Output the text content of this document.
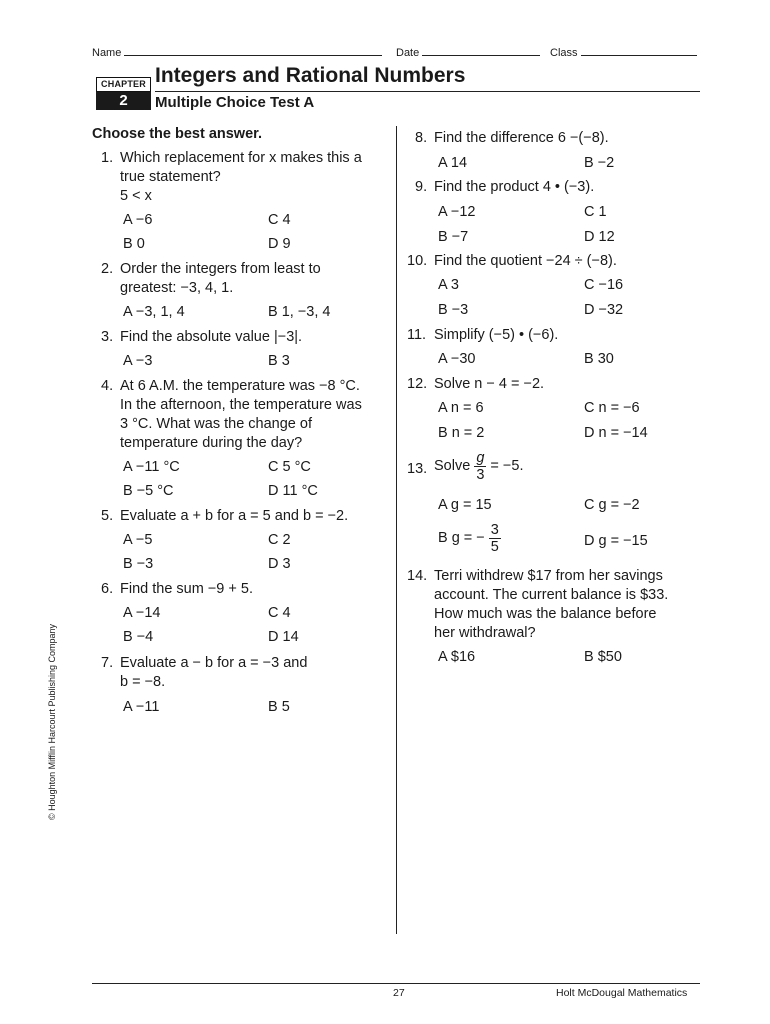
Name	Date	Class
CHAPTER
2
Integers and Rational Numbers
Multiple Choice Test A
Choose the best answer.
1. Which replacement for x makes this a
true statement?
5 < x
A −6	C 4
B 0	D 9
2. Order the integers from least to
greatest: −3, 4, 1.
A −3, 1, 4	B 1, −3, 4
3. Find the absolute value |−3|.
A −3	B 3
4. At 6 A.M. the temperature was −8 °C.
In the afternoon, the temperature was
3 °C. What was the change of
temperature during the day?
A −11 °C	C 5 °C
B −5 °C	D 11 °C
5. Evaluate a + b for a = 5 and b = −2.
A −5	C 2
B −3	D 3
6. Find the sum −9 + 5.
A −14	C 4
B −4	D 14
7. Evaluate a − b for a = −3 and
b = −8.
A −11	B 5
8. Find the difference 6 −(−8).
A 14	B −2
9. Find the product 4 • (−3).
A −12	C 1
B −7	D 12
10. Find the quotient −24 ÷ (−8).
A 3	C −16
B −3	D −32
11. Simplify (−5) • (−6).
A −30	B 30
12. Solve n − 4 = −2.
A n = 6	C n = −6
B n = 2	D n = −14
13. Solve $\frac{g}{3} = -5$.
A g = 15	C g = −2
B g = − $\frac{3}{5}$	D g = −15
14. Terri withdrew $17 from her savings
account. The current balance is $33.
How much was the balance before
her withdrawal?
A $16	B $50
© Houghton Mifflin Harcourt Publishing Company
27	Holt McDougal Mathematics
